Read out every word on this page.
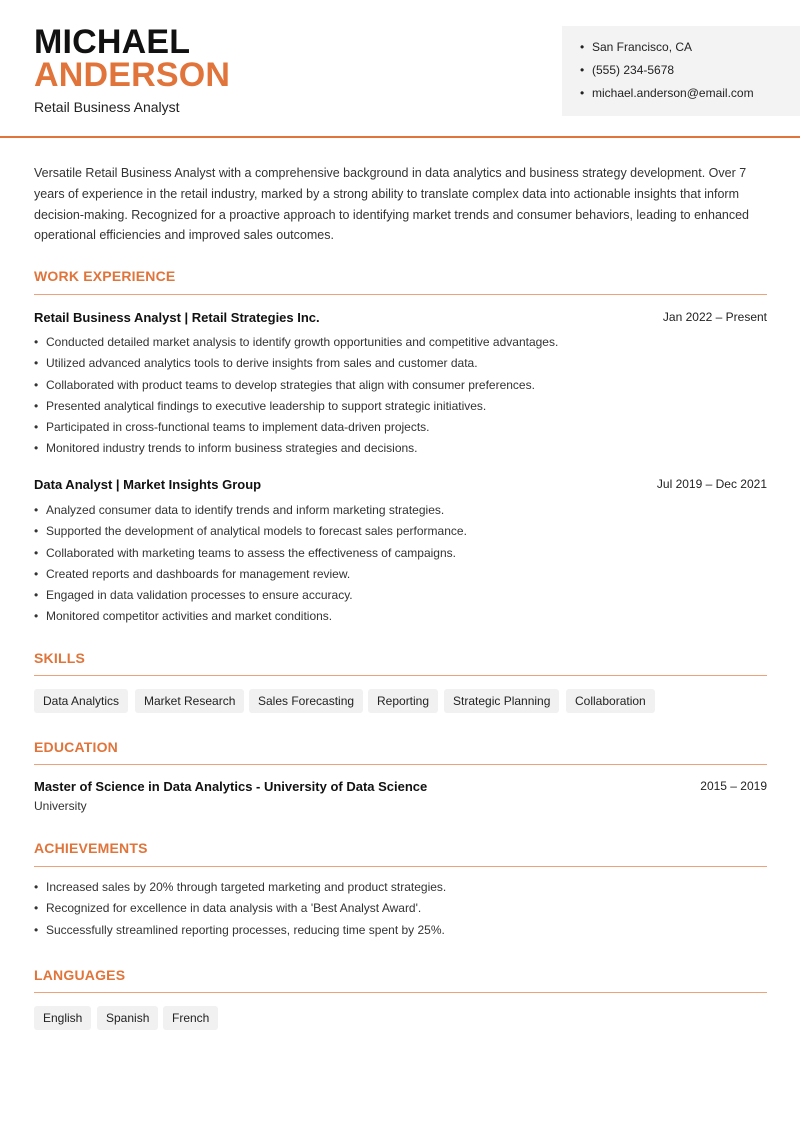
MICHAEL
ANDERSON
Retail Business Analyst
• San Francisco, CA
• (555) 234-5678
• michael.anderson@email.com
Versatile Retail Business Analyst with a comprehensive background in data analytics and business strategy development. Over 7 years of experience in the retail industry, marked by a strong ability to translate complex data into actionable insights that inform decision-making. Recognized for a proactive approach to identifying market trends and consumer behaviors, leading to enhanced operational efficiencies and improved sales outcomes.
WORK EXPERIENCE
Retail Business Analyst | Retail Strategies Inc.	Jan 2022 – Present
• Conducted detailed market analysis to identify growth opportunities and competitive advantages.
• Utilized advanced analytics tools to derive insights from sales and customer data.
• Collaborated with product teams to develop strategies that align with consumer preferences.
• Presented analytical findings to executive leadership to support strategic initiatives.
• Participated in cross-functional teams to implement data-driven projects.
• Monitored industry trends to inform business strategies and decisions.
Data Analyst | Market Insights Group	Jul 2019 – Dec 2021
• Analyzed consumer data to identify trends and inform marketing strategies.
• Supported the development of analytical models to forecast sales performance.
• Collaborated with marketing teams to assess the effectiveness of campaigns.
• Created reports and dashboards for management review.
• Engaged in data validation processes to ensure accuracy.
• Monitored competitor activities and market conditions.
SKILLS
Data Analytics	Market Research	Sales Forecasting	Reporting	Strategic Planning	Collaboration
EDUCATION
Master of Science in Data Analytics - University of Data Science	2015 – 2019
University
ACHIEVEMENTS
• Increased sales by 20% through targeted marketing and product strategies.
• Recognized for excellence in data analysis with a 'Best Analyst Award'.
• Successfully streamlined reporting processes, reducing time spent by 25%.
LANGUAGES
English	Spanish	French
